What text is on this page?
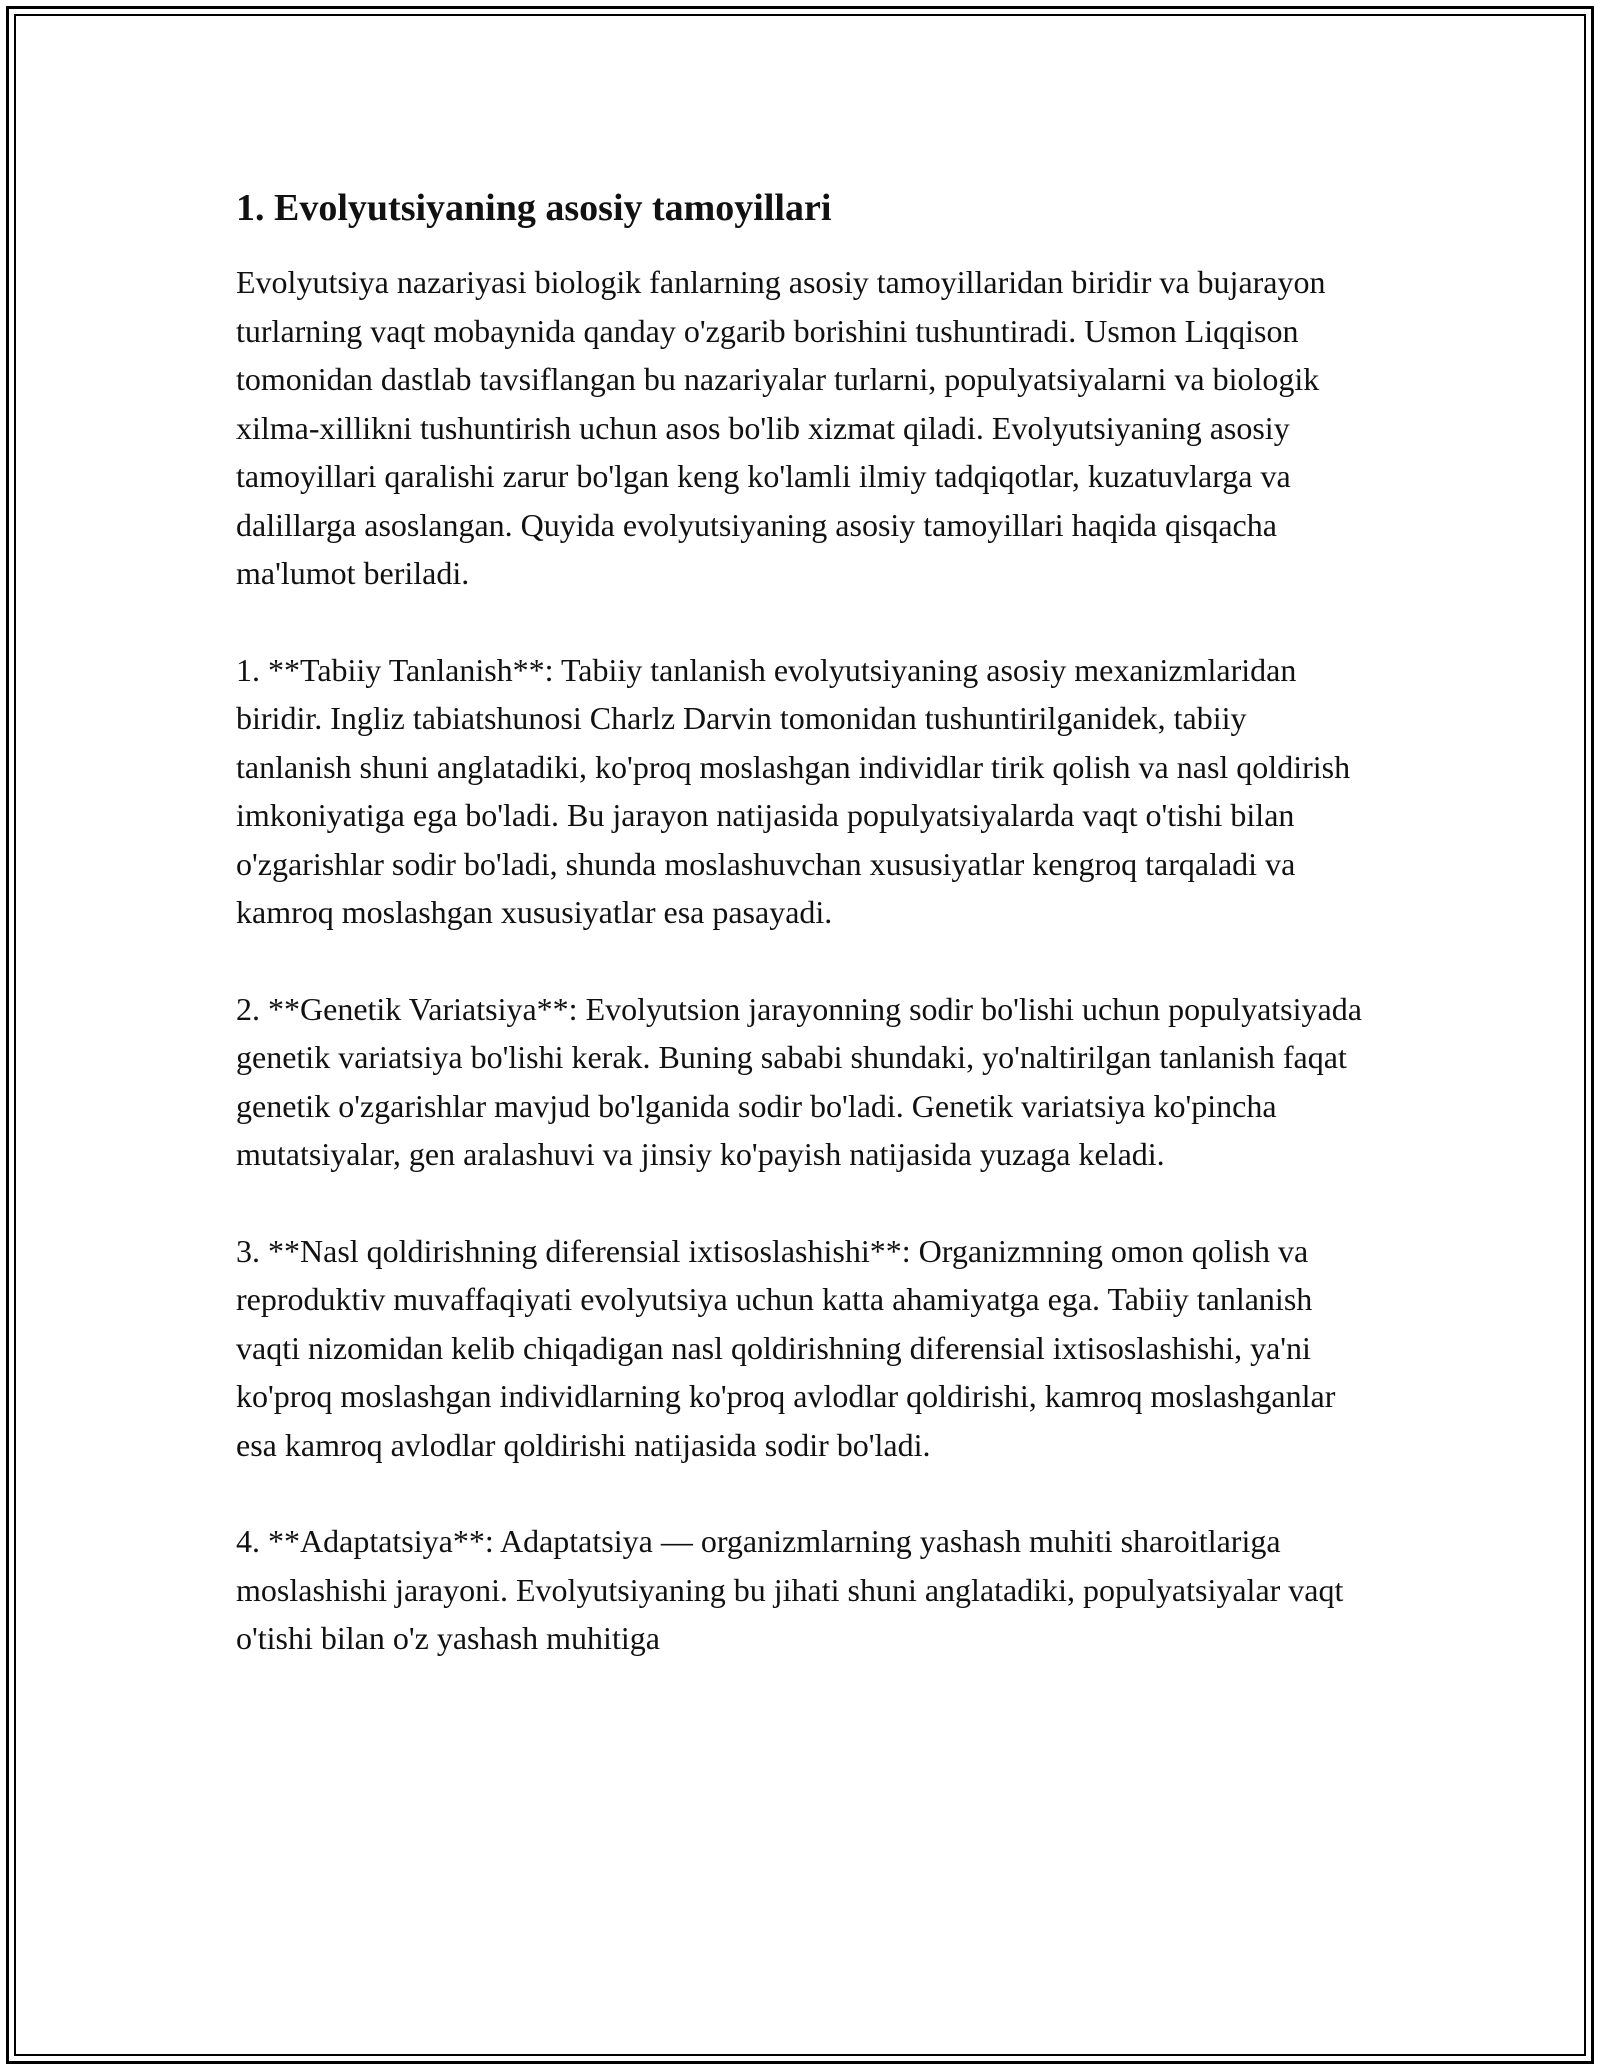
1. Evolyutsiyaning asosiy tamoyillari

Evolyutsiya nazariyasi biologik fanlarning asosiy tamoyillaridan biridir va bujarayon turlarning vaqt mobaynida qanday o'zgarib borishini tushuntiradi. Usmon Liqqison tomonidan dastlab tavsiflangan bu nazariyalar turlarni, populyatsiyalarni va biologik xilma-xillikni tushuntirish uchun asos bo'lib xizmat qiladi. Evolyutsiyaning asosiy tamoyillari qaralishi zarur bo'lgan keng ko'lamli ilmiy tadqiqotlar, kuzatuvlarga va dalillarga asoslangan. Quyida evolyutsiyaning asosiy tamoyillari haqida qisqacha ma'lumot beriladi.

1. **Tabiiy Tanlanish**: Tabiiy tanlanish evolyutsiyaning asosiy mexanizmlaridan biridir. Ingliz tabiatshunosi Charlz Darvin tomonidan tushuntirilganidek, tabiiy tanlanish shuni anglatadiki, ko'proq moslashgan individlar tirik qolish va nasl qoldirish imkoniyatiga ega bo'ladi. Bu jarayon natijasida populyatsiyalarda vaqt o'tishi bilan o'zgarishlar sodir bo'ladi, shunda moslashuvchan xususiyatlar kengroq tarqaladi va kamroq moslashgan xususiyatlar esa pasayadi.

2. **Genetik Variatsiya**: Evolyutsion jarayonning sodir bo'lishi uchun populyatsiyada genetik variatsiya bo'lishi kerak. Buning sababi shundaki, yo'naltirilgan tanlanish faqat genetik o'zgarishlar mavjud bo'lganida sodir bo'ladi. Genetik variatsiya ko'pincha mutatsiyalar, gen aralashuvi va jinsiy ko'payish natijasida yuzaga keladi.

3. **Nasl qoldirishning diferensial ixtisoslashishi**: Organizmning omon qolish va reproduktiv muvaffaqiyati evolyutsiya uchun katta ahamiyatga ega. Tabiiy tanlanish vaqti nizomidan kelib chiqadigan nasl qoldirishning diferensial ixtisoslashishi, ya'ni ko'proq moslashgan individlarning ko'proq avlodlar qoldirishi, kamroq moslashganlar esa kamroq avlodlar qoldirishi natijasida sodir bo'ladi.

4. **Adaptatsiya**: Adaptatsiya — organizmlarning yashash muhiti sharoitlariga moslashishi jarayoni. Evolyutsiyaning bu jihati shuni anglatadiki, populyatsiyalar vaqt o'tishi bilan o'z yashash muhitiga
